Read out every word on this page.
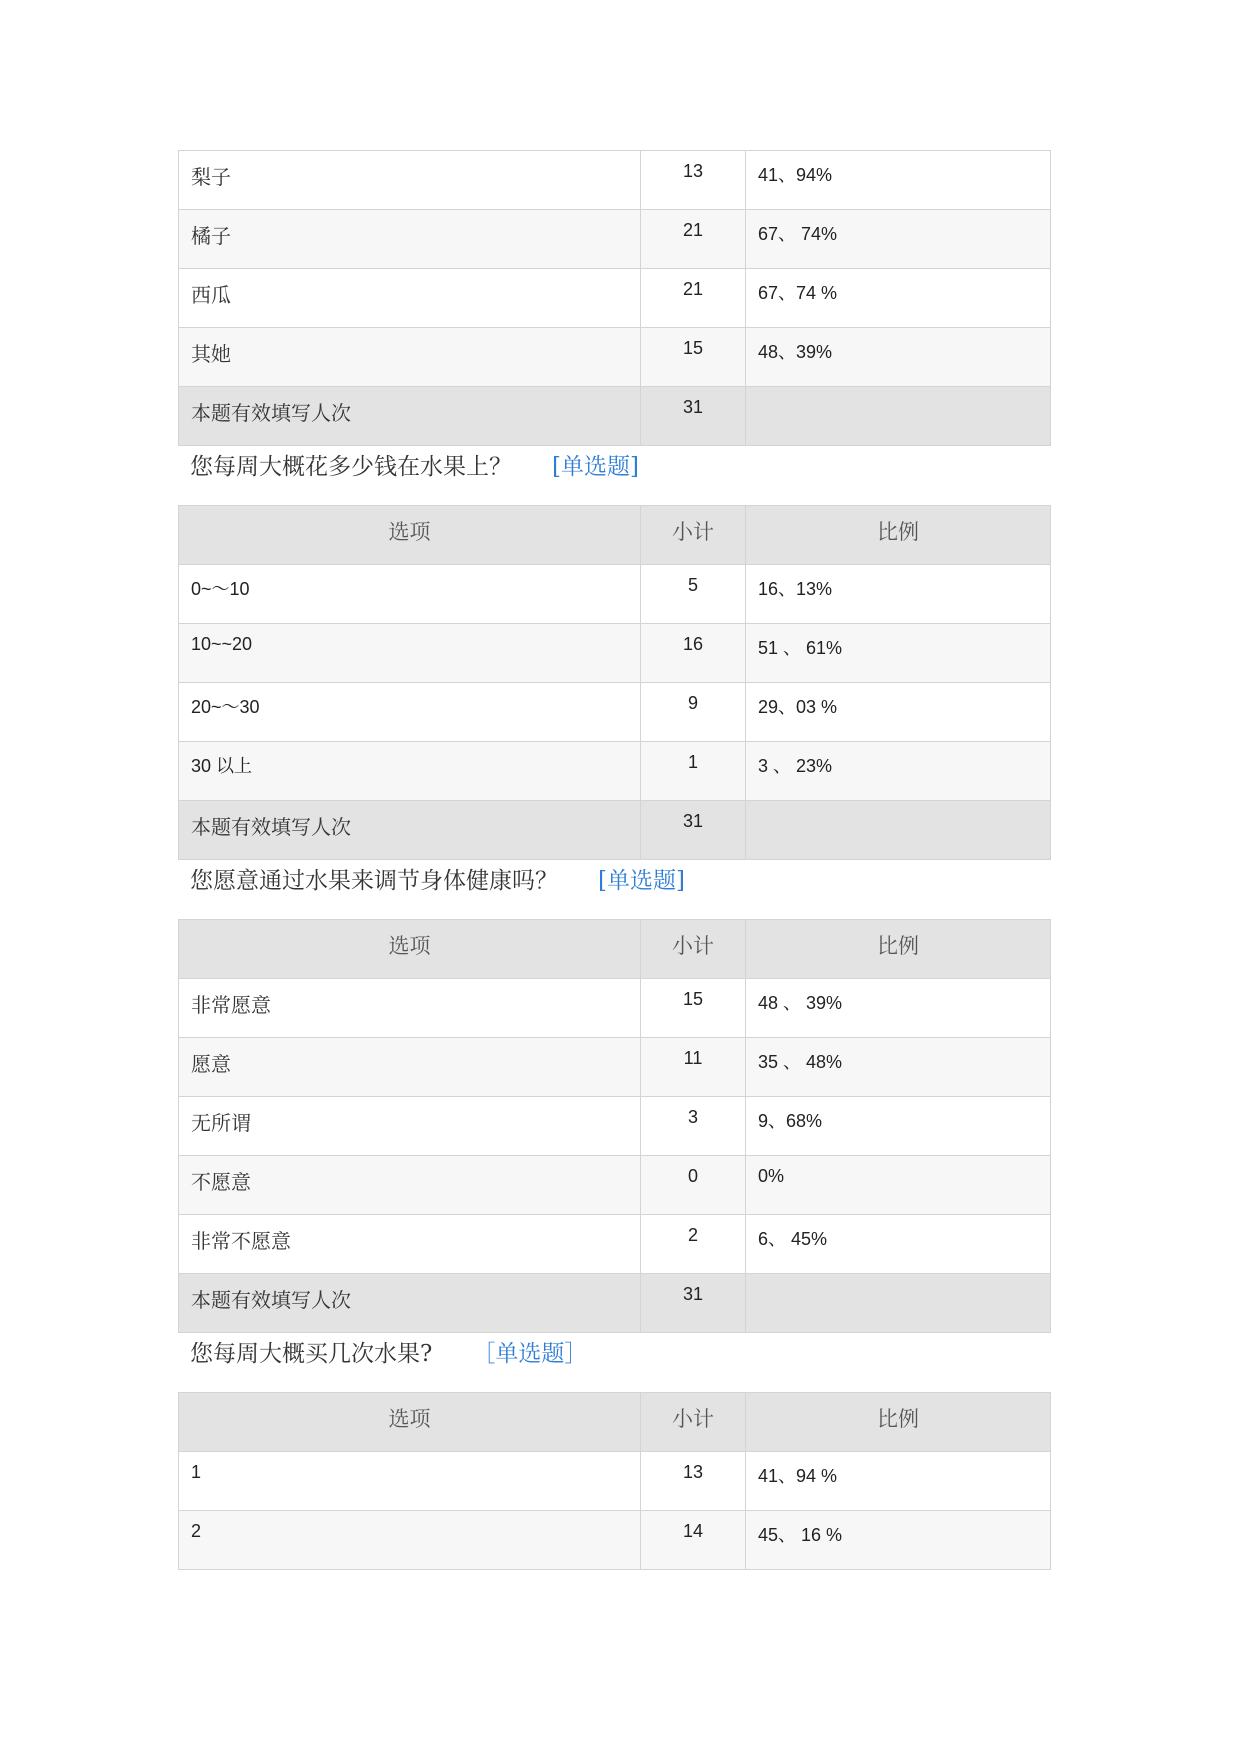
梨子	13	41、94%
橘子	21	67、 74%
西瓜	21	67、74 %
其她	15	48、39%
本题有效填写人次	31	
您每周大概花多少钱在水果上？ [单选题]
选项	小计	比例
0~～10	5	16、13%
10~~20	16	51 、 61%
20~～30	9	29、03 %
30 以上	1	3 、 23%
本题有效填写人次	31	
您愿意通过水果来调节身体健康吗？ [单选题]
选项	小计	比例
非常愿意	15	48 、 39%
愿意	11	35 、 48%
无所谓	3	9、68%
不愿意	0	0%
非常不愿意	2	6、 45%
本题有效填写人次	31	
您每周大概买几次水果? ［单选题］
选项	小计	比例
1	13	41、94 %
2	14	45、 16 %
